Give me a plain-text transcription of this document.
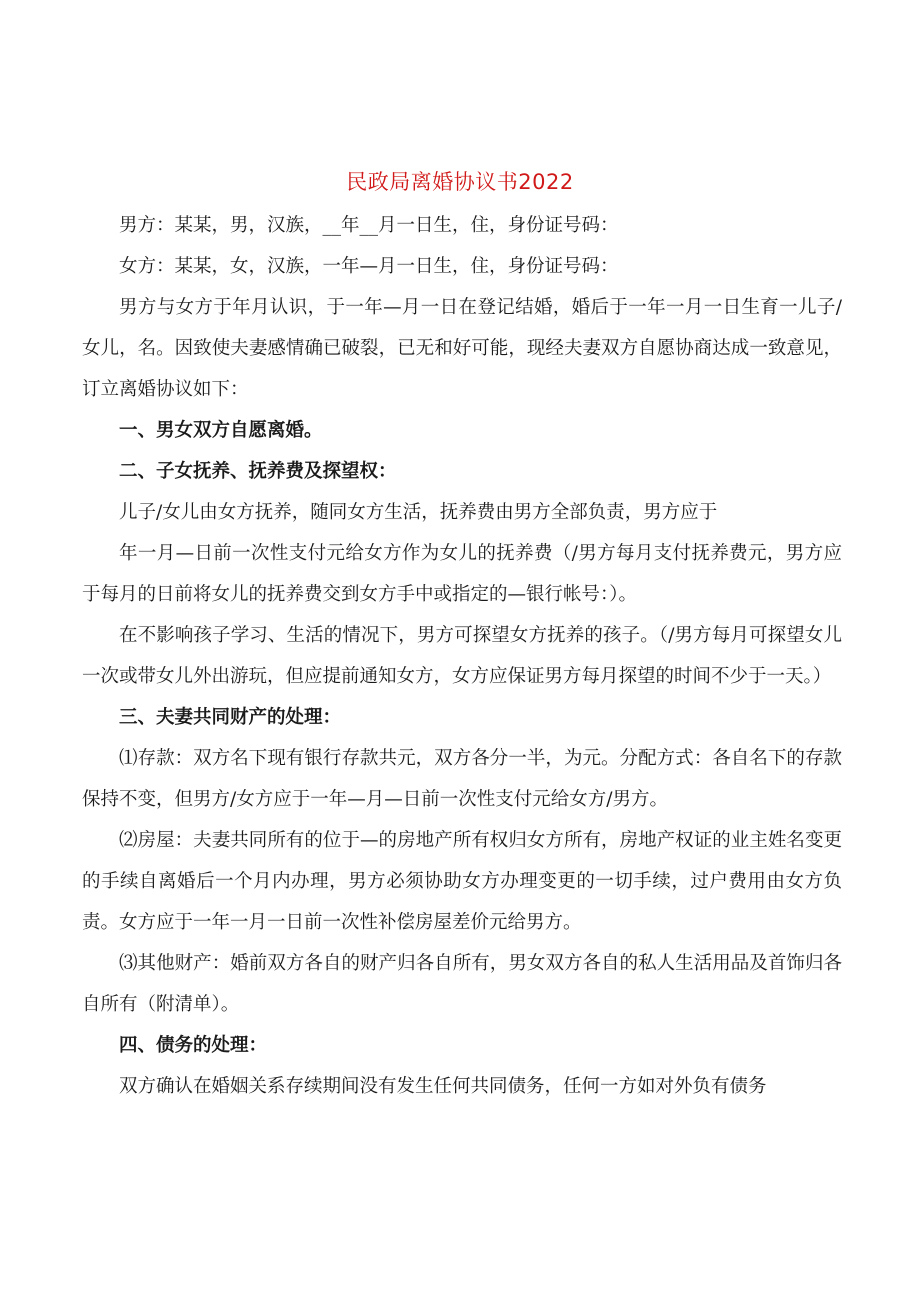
民政局离婚协议书2022

男方：某某，男，汉族，__年__月一日生，住，身份证号码：

女方：某某，女，汉族，一年—月一日生，住，身份证号码：

男方与女方于年月认识，于一年—月一日在登记结婚，婚后于一年一月一日生育一儿子/女儿，名。因致使夫妻感情确已破裂，已无和好可能，现经夫妻双方自愿协商达成一致意见，订立离婚协议如下：

一、男女双方自愿离婚。

二、子女抚养、抚养费及探望权：

儿子/女儿由女方抚养，随同女方生活，抚养费由男方全部负责，男方应于

年一月—日前一次性支付元给女方作为女儿的抚养费（/男方每月支付抚养费元，男方应于每月的日前将女儿的抚养费交到女方手中或指定的—银行帐号：）。

在不影响孩子学习、生活的情况下，男方可探望女方抚养的孩子。（/男方每月可探望女儿一次或带女儿外出游玩，但应提前通知女方，女方应保证男方每月探望的时间不少于一天。）

三、夫妻共同财产的处理：

⑴存款：双方名下现有银行存款共元，双方各分一半，为元。分配方式：各自名下的存款保持不变，但男方/女方应于一年—月—日前一次性支付元给女方/男方。

⑵房屋：夫妻共同所有的位于—的房地产所有权归女方所有，房地产权证的业主姓名变更的手续自离婚后一个月内办理，男方必须协助女方办理变更的一切手续，过户费用由女方负责。女方应于一年一月一日前一次性补偿房屋差价元给男方。

⑶其他财产：婚前双方各自的财产归各自所有，男女双方各自的私人生活用品及首饰归各自所有（附清单）。

四、债务的处理：

双方确认在婚姻关系存续期间没有发生任何共同债务，任何一方如对外负有债务
